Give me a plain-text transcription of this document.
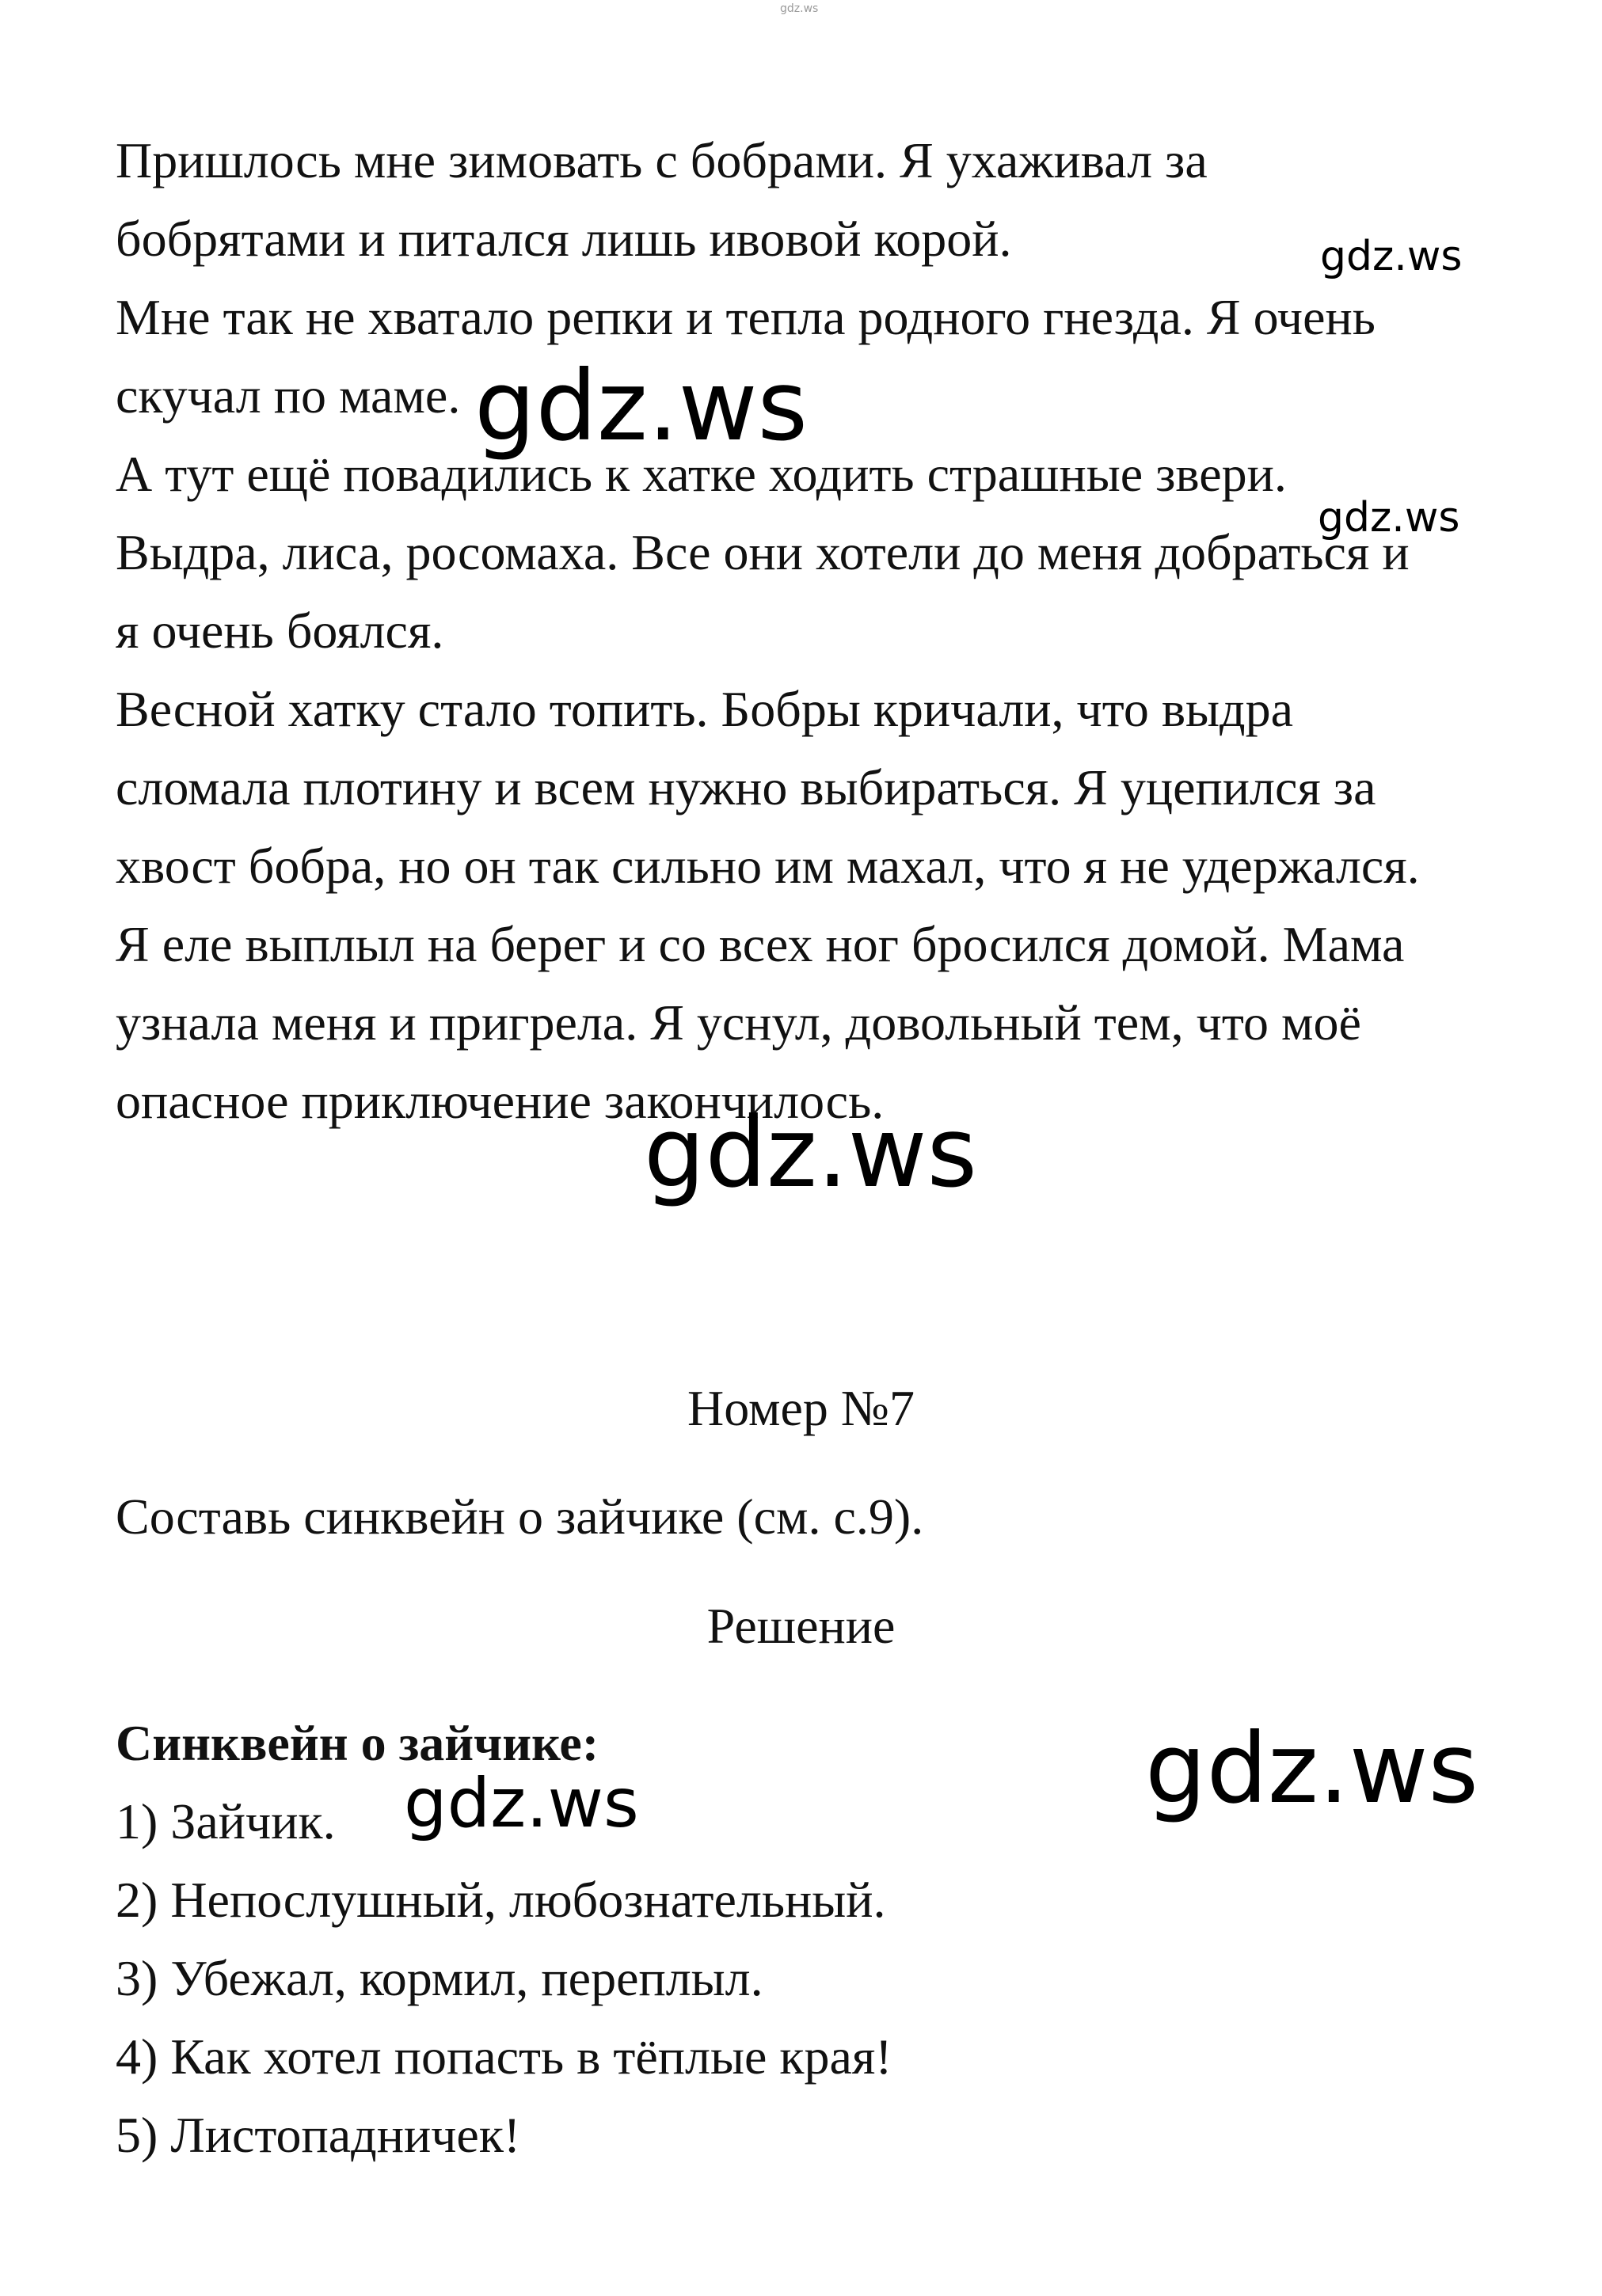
gdz.ws
Пришлось мне зимовать с бобрами. Я ухаживал за
бобрятами и питался лишь ивовой корой.
Мне так не хватало репки и тепла родного гнезда. Я очень
скучал по маме.
А тут ещё повадились к хатке ходить страшные звери.
Выдра, лиса, росомаха. Все они хотели до меня добраться и
я очень боялся.
Весной хатку стало топить. Бобры кричали, что выдра
сломала плотину и всем нужно выбираться. Я уцепился за
хвост бобра, но он так сильно им махал, что я не удержался.
Я еле выплыл на берег и со всех ног бросился домой. Мама
узнала меня и пригрела. Я уснул, довольный тем, что моё
опасное приключение закончилось.
Номер №7
Составь синквейн о зайчике (см. с.9).
Решение
Синквейн о зайчике:
1) Зайчик.
2) Непослушный, любознательный.
3) Убежал, кормил, переплыл.
4) Как хотел попасть в тёплые края!
5) Листопадничек!
gdz.ws
gdz.ws
gdz.ws
gdz.ws
gdz.ws
gdz.ws
